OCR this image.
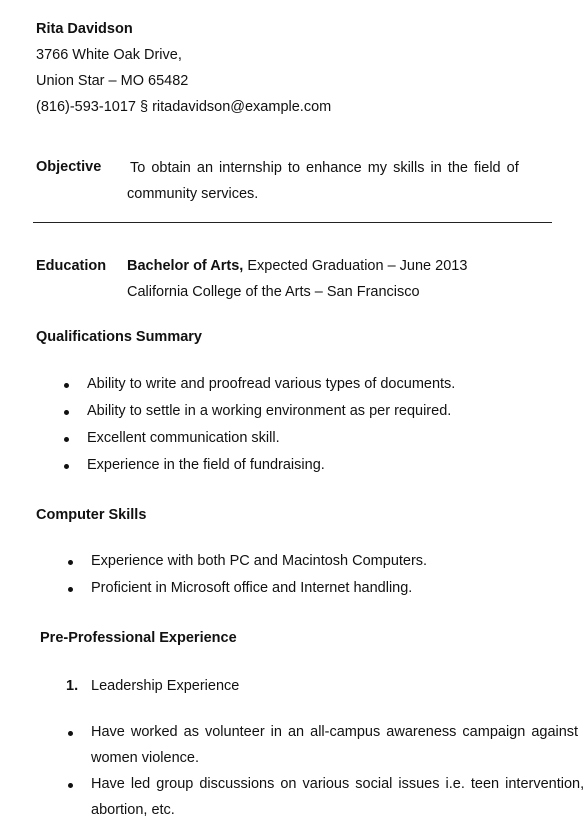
Rita Davidson
3766 White Oak Drive,
Union Star – MO 65482
(816)-593-1017 § ritadavidson@example.com
Objective To obtain an internship to enhance my skills in the field of
community services.
Education Bachelor of Arts, Expected Graduation – June 2013
California College of the Arts – San Francisco
Qualifications Summary
Ability to write and proofread various types of documents.
Ability to settle in a working environment as per required.
Excellent communication skill.
Experience in the field of fundraising.
Computer Skills
Experience with both PC and Macintosh Computers.
Proficient in Microsoft office and Internet handling.
Pre-Professional Experience
1. Leadership Experience
Have worked as volunteer in an all-campus awareness campaign against
women violence.
Have led group discussions on various social issues i.e. teen intervention,
abortion, etc.
